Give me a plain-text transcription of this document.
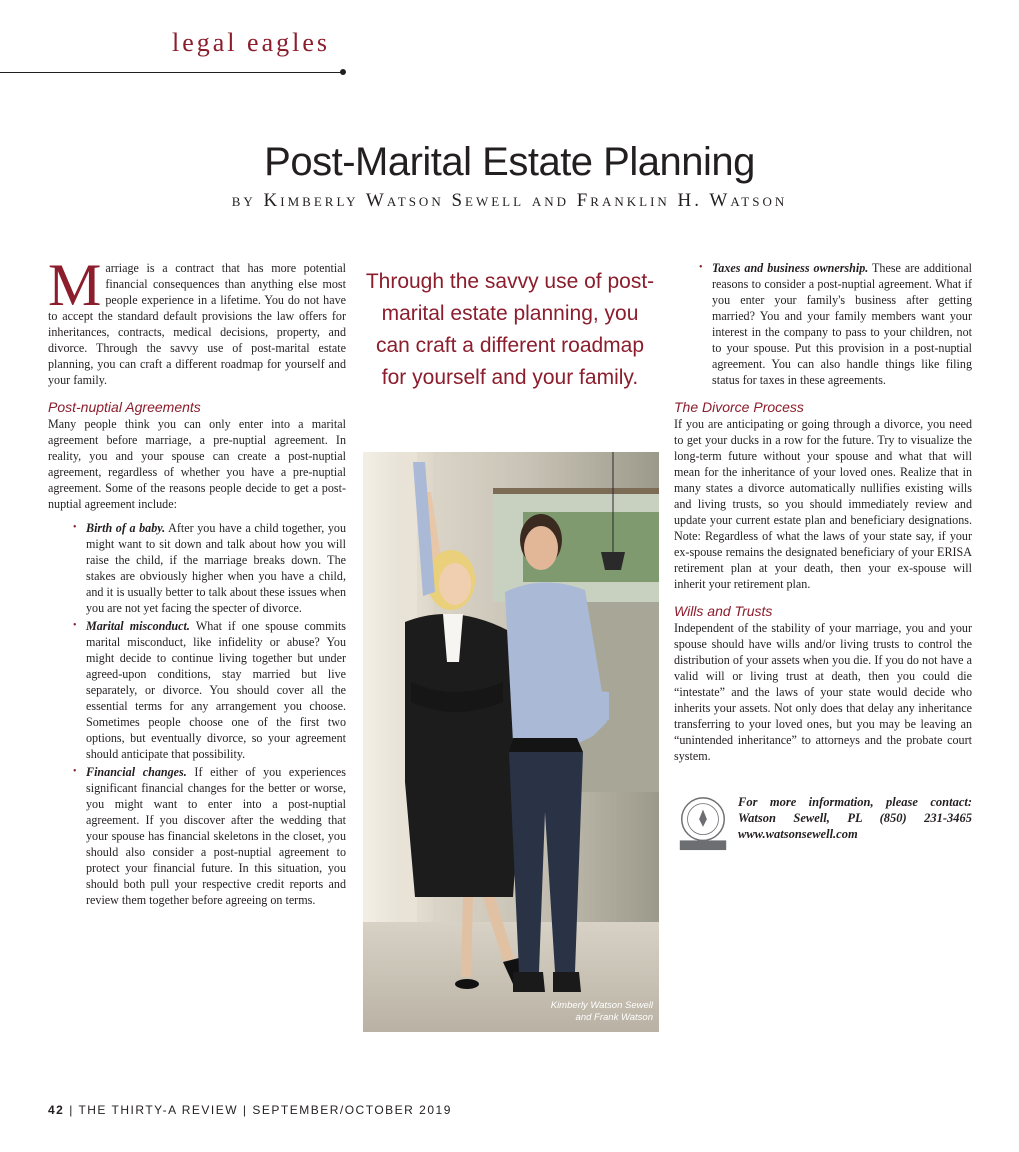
legal eagles
Post-Marital Estate Planning
by Kimberly Watson Sewell and Franklin H. Watson

Marriage is a contract that has more potential financial consequences than anything else most people experience in a lifetime. You do not have to accept the standard default provisions the law offers for inheritances, contracts, medical decisions, property, and divorce. Through the savvy use of post-marital estate planning, you can craft a different roadmap for yourself and your family.

Post-nuptial Agreements

Many people think you can only enter into a marital agreement before marriage, a pre-nuptial agreement. In reality, you and your spouse can create a post-nuptial agreement, regardless of whether you have a pre-nuptial agreement. Some of the reasons people decide to get a post-nuptial agreement include:

• Birth of a baby. After you have a child together, you might want to sit down and talk about how you will raise the child, if the marriage breaks down. The stakes are obviously higher when you have a child, and it is usually better to talk about these issues when you are not yet facing the specter of divorce.
• Marital misconduct. What if one spouse commits marital misconduct, like infidelity or abuse? You might decide to continue living together but under agreed-upon conditions, stay married but live separately, or divorce. You should cover all the essential terms for any arrangement you choose. Sometimes people choose one of the first two options, but eventually divorce, so your agreement should anticipate that possibility.
• Financial changes. If either of you experiences significant financial changes for the better or worse, you might want to enter into a post-nuptial agreement. If you discover after the wedding that your spouse has financial skeletons in the closet, you should also consider a post-nuptial agreement to protect your financial future. In this situation, you should both pull your respective credit reports and review them together before agreeing on terms.
Through the savvy use of post-marital estate planning, you can craft a different roadmap for yourself and your family.
Kimberly Watson Sewell
and Frank Watson
• Taxes and business ownership. These are additional reasons to consider a post-nuptial agreement. What if you enter your family's business after getting married? You and your family members want your interest in the company to pass to your children, not to your spouse. Put this provision in a post-nuptial agreement. You can also handle things like filing status for taxes in these agreements.
The Divorce Process

If you are anticipating or going through a divorce, you need to get your ducks in a row for the future. Try to visualize the long-term future without your spouse and what that will mean for the inheritance of your loved ones. Realize that in many states a divorce automatically nullifies existing wills and living trusts, so you should immediately review and update your current estate plan and beneficiary designations. Note: Regardless of what the laws of your state say, if your ex-spouse remains the designated beneficiary of your ERISA retirement plan at your death, then your ex-spouse will inherit your retirement plan.

Wills and Trusts

Independent of the stability of your marriage, you and your spouse should have wills and/or living trusts to control the distribution of your assets when you die. If you do not have a valid will or living trust at death, then you could die “intestate” and the laws of your state would decide who inherits your assets. Not only does that delay any inheritance transferring to your loved ones, but you may be leaving an “unintended inheritance” to attorneys and the probate court system.

For more information, please contact: Watson Sewell, PL (850) 231-3465 www.watsonsewell.com
42 | THE THIRTY-A REVIEW | SEPTEMBER/OCTOBER 2019
